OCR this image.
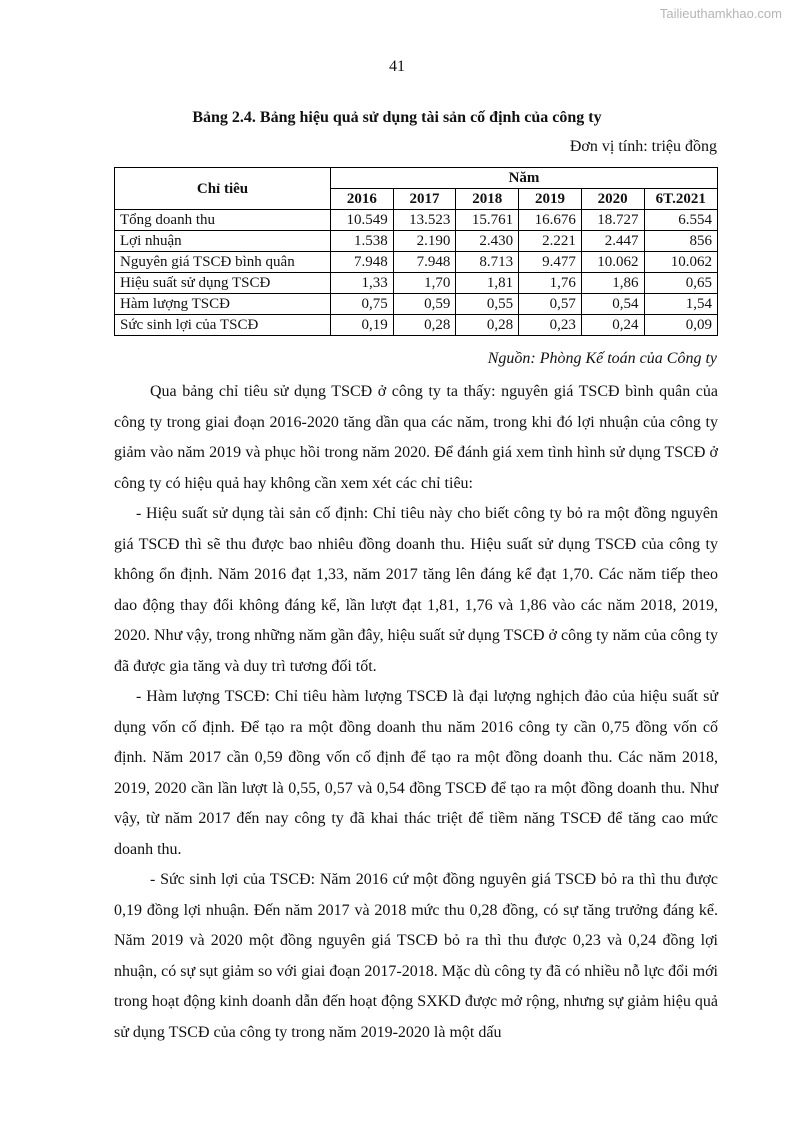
Tailieuthamkhao.com
41
Bảng 2.4. Bảng hiệu quả sử dụng tài sản cố định của công ty
Đơn vị tính: triệu đồng
Chỉ tiêu	Năm					
	2016	2017	2018	2019	2020	6T.2021
Tổng doanh thu	10.549	13.523	15.761	16.676	18.727	6.554
Lợi nhuận	1.538	2.190	2.430	2.221	2.447	856
Nguyên giá TSCĐ bình quân	7.948	7.948	8.713	9.477	10.062	10.062
Hiệu suất sử dụng TSCĐ	1,33	1,70	1,81	1,76	1,86	0,65
Hàm lượng TSCĐ	0,75	0,59	0,55	0,57	0,54	1,54
Sức sinh lợi của TSCĐ	0,19	0,28	0,28	0,23	0,24	0,09
Nguồn: Phòng Kế toán của Công ty

Qua bảng chỉ tiêu sử dụng TSCĐ ở công ty ta thấy: nguyên giá TSCĐ bình quân của công ty trong giai đoạn 2016-2020 tăng dần qua các năm, trong khi đó lợi nhuận của công ty giảm vào năm 2019 và phục hồi trong năm 2020. Để đánh giá xem tình hình sử dụng TSCĐ ở công ty có hiệu quả hay không cần xem xét các chỉ tiêu:

- Hiệu suất sử dụng tài sản cố định: Chỉ tiêu này cho biết công ty bỏ ra một đồng nguyên giá TSCĐ thì sẽ thu được bao nhiêu đồng doanh thu. Hiệu suất sử dụng TSCĐ của công ty không ổn định. Năm 2016 đạt 1,33, năm 2017 tăng lên đáng kể đạt 1,70. Các năm tiếp theo dao động thay đổi không đáng kể, lần lượt đạt 1,81, 1,76 và 1,86 vào các năm 2018, 2019, 2020. Như vậy, trong những năm gần đây, hiệu suất sử dụng TSCĐ ở công ty năm của công ty đã được gia tăng và duy trì tương đối tốt.

- Hàm lượng TSCĐ: Chỉ tiêu hàm lượng TSCĐ là đại lượng nghịch đảo của hiệu suất sử dụng vốn cố định. Để tạo ra một đồng doanh thu năm 2016 công ty cần 0,75 đồng vốn cố định. Năm 2017 cần 0,59 đồng vốn cố định để tạo ra một đồng doanh thu. Các năm 2018, 2019, 2020 cần lần lượt là 0,55, 0,57 và 0,54 đồng TSCĐ để tạo ra một đồng doanh thu. Như vậy, từ năm 2017 đến nay công ty đã khai thác triệt để tiềm năng TSCĐ để tăng cao mức doanh thu.

- Sức sinh lợi của TSCĐ: Năm 2016 cứ một đồng nguyên giá TSCĐ bỏ ra thì thu được 0,19 đồng lợi nhuận. Đến năm 2017 và 2018 mức thu 0,28 đồng, có sự tăng trưởng đáng kể. Năm 2019 và 2020 một đồng nguyên giá TSCĐ bỏ ra thì thu được 0,23 và 0,24 đồng lợi nhuận, có sự sụt giảm so với giai đoạn 2017-2018. Mặc dù công ty đã có nhiều nỗ lực đổi mới trong hoạt động kinh doanh dẫn đến hoạt động SXKD được mở rộng, nhưng sự giảm hiệu quả sử dụng TSCĐ của công ty trong năm 2019-2020 là một dấu
